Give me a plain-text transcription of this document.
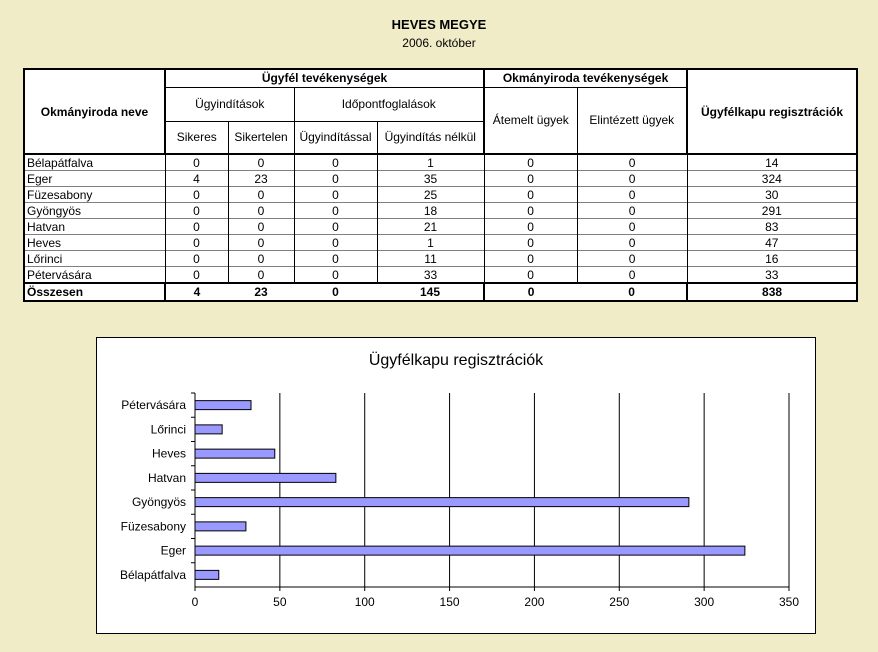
HEVES MEGYE
2006. október
Okmányiroda neve	Ügyfél tevékenységek				Okmányiroda tevékenységek		Ügyfélkapu regisztrációk
	Ügyindítások		Időpontfoglalások		Átemelt ügyek	Elintézett ügyek	
	Sikeres	Sikertelen	Ügyindítással	Ügyindítás nélkül			
Bélapátfalva	0	0	0	1	0	0	14
Eger	4	23	0	35	0	0	324
Füzesabony	0	0	0	25	0	0	30
Gyöngyös	0	0	0	18	0	0	291
Hatvan	0	0	0	21	0	0	83
Heves	0	0	0	1	0	0	47
Lőrinci	0	0	0	11	0	0	16
Pétervására	0	0	0	33	0	0	33
Összesen	4	23	0	145	0	0	838
Ügyfélkapu regisztrációk
0	50	100	150	200	250	300	350
Bélapátfalva
Eger
Füzesabony
Gyöngyös
Hatvan
Heves
Lőrinci
Pétervására
